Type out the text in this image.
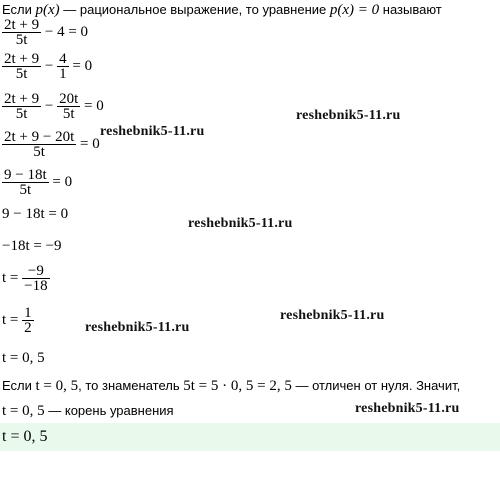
Если p(x) — рациональное выражение, то уравнение p(x) = 0 называют
$\frac{2t + 9}{5t} - 4 = 0$
$\frac{2t + 9}{5t} - \frac{4}{1} = 0$
$\frac{2t + 9}{5t} - \frac{20t}{5t} = 0$
$\frac{2t + 9 - 20t}{5t} = 0$
$\frac{9 - 18t}{5t} = 0$
9 − 18t = 0
−18t = −9
$t = \frac{-9}{-18}$
$t = \frac{1}{2}$
t = 0, 5
Если t = 0, 5, то знаменатель 5t = 5 · 0, 5 = 2, 5 — отличен от нуля. Значит,
t = 0, 5 — корень уравнения
t = 0, 5
reshebnik5-11.ru
reshebnik5-11.ru
reshebnik5-11.ru
reshebnik5-11.ru
reshebnik5-11.ru
reshebnik5-11.ru
